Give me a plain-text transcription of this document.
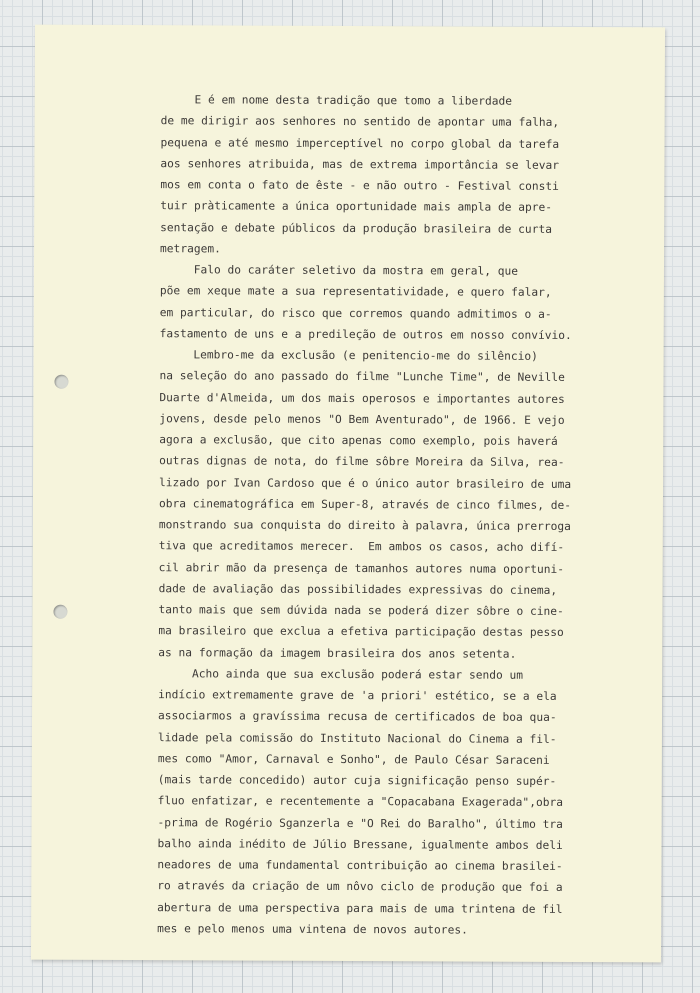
E é em nome desta tradição que tomo a liberdade
de me dirigir aos senhores no sentido de apontar uma falha,
pequena e até mesmo imperceptível no corpo global da tarefa
aos senhores atribuida, mas de extrema importância se levar
mos em conta o fato de êste - e não outro - Festival consti
tuir pràticamente a única oportunidade mais ampla de apre-
sentação e debate públicos da produção brasileira de curta
metragem.
Falo do caráter seletivo da mostra em geral, que
põe em xeque mate a sua representatividade, e quero falar,
em particular, do risco que corremos quando admitimos o a-
fastamento de uns e a predileção de outros em nosso convívio.
Lembro-me da exclusão (e penitencio-me do silêncio)
na seleção do ano passado do filme "Lunche Time", de Neville
Duarte d'Almeida, um dos mais operosos e importantes autores
jovens, desde pelo menos "O Bem Aventurado", de 1966. E vejo
agora a exclusão, que cito apenas como exemplo, pois haverá
outras dignas de nota, do filme sôbre Moreira da Silva, rea-
lizado por Ivan Cardoso que é o único autor brasileiro de uma
obra cinematográfica em Super-8, através de cinco filmes, de-
monstrando sua conquista do direito à palavra, única prerroga
tiva que acreditamos merecer.  Em ambos os casos, acho difí-
cil abrir mão da presença de tamanhos autores numa oportuni-
dade de avaliação das possibilidades expressivas do cinema,
tanto mais que sem dúvida nada se poderá dizer sôbre o cine-
ma brasileiro que exclua a efetiva participação destas pesso
as na formação da imagem brasileira dos anos setenta.
Acho ainda que sua exclusão poderá estar sendo um
indício extremamente grave de 'a priori' estético, se a ela
associarmos a gravíssima recusa de certificados de boa qua-
lidade pela comissão do Instituto Nacional do Cinema a fil-
mes como "Amor, Carnaval e Sonho", de Paulo César Saraceni
(mais tarde concedido) autor cuja significação penso supér-
fluo enfatizar, e recentemente a "Copacabana Exagerada",obra
-prima de Rogério Sganzerla e "O Rei do Baralho", último tra
balho ainda inédito de Júlio Bressane, igualmente ambos deli
neadores de uma fundamental contribuição ao cinema brasilei-
ro através da criação de um nôvo ciclo de produção que foi a
abertura de uma perspectiva para mais de uma trintena de fil
mes e pelo menos uma vintena de novos autores.
